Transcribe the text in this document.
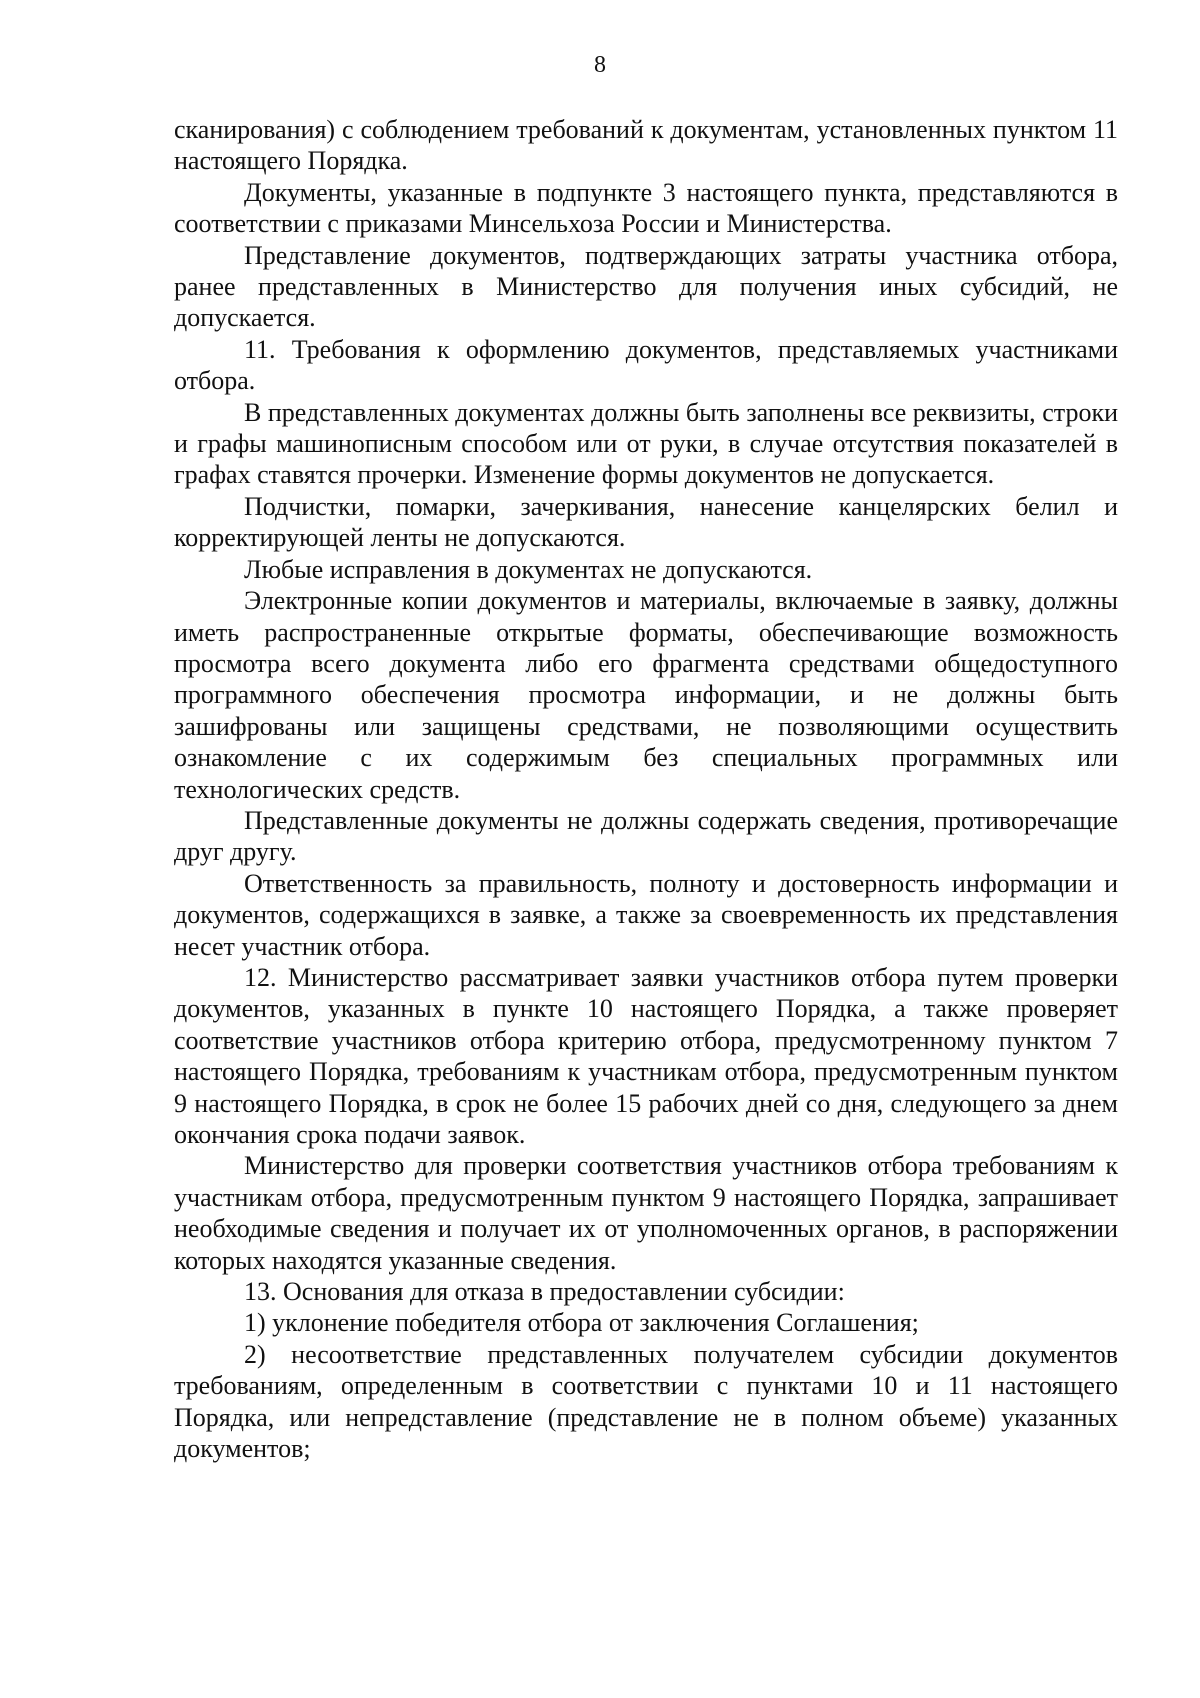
8

сканирования) с соблюдением требований к документам, установленных пунктом 11 настоящего Порядка.

Документы, указанные в подпункте 3 настоящего пункта, представляются в соответствии с приказами Минсельхоза России и Министерства.

Представление документов, подтверждающих затраты участника отбора, ранее представленных в Министерство для получения иных субсидий, не допускается.

11. Требования к оформлению документов, представляемых участниками отбора.

В представленных документах должны быть заполнены все реквизиты, строки и графы машинописным способом или от руки, в случае отсутствия показателей в графах ставятся прочерки. Изменение формы документов не допускается.

Подчистки, помарки, зачеркивания, нанесение канцелярских белил и корректирующей ленты не допускаются.

Любые исправления в документах не допускаются.

Электронные копии документов и материалы, включаемые в заявку, должны иметь распространенные открытые форматы, обеспечивающие возможность просмотра всего документа либо его фрагмента средствами общедоступного программного обеспечения просмотра информации, и не должны быть зашифрованы или защищены средствами, не позволяющими осуществить ознакомление с их содержимым без специальных программных или технологических средств.

Представленные документы не должны содержать сведения, противоречащие друг другу.

Ответственность за правильность, полноту и достоверность информации и документов, содержащихся в заявке, а также за своевременность их представления несет участник отбора.

12. Министерство рассматривает заявки участников отбора путем проверки документов, указанных в пункте 10 настоящего Порядка, а также проверяет соответствие участников отбора критерию отбора, предусмотренному пунктом 7 настоящего Порядка, требованиям к участникам отбора, предусмотренным пунктом 9 настоящего Порядка, в срок не более 15 рабочих дней со дня, следующего за днем окончания срока подачи заявок.

Министерство для проверки соответствия участников отбора требованиям к участникам отбора, предусмотренным пунктом 9 настоящего Порядка, запрашивает необходимые сведения и получает их от уполномоченных органов, в распоряжении которых находятся указанные сведения.

13. Основания для отказа в предоставлении субсидии:

1) уклонение победителя отбора от заключения Соглашения;

2) несоответствие представленных получателем субсидии документов требованиям, определенным в соответствии с пунктами 10 и 11 настоящего Порядка, или непредставление (представление не в полном объеме) указанных документов;
